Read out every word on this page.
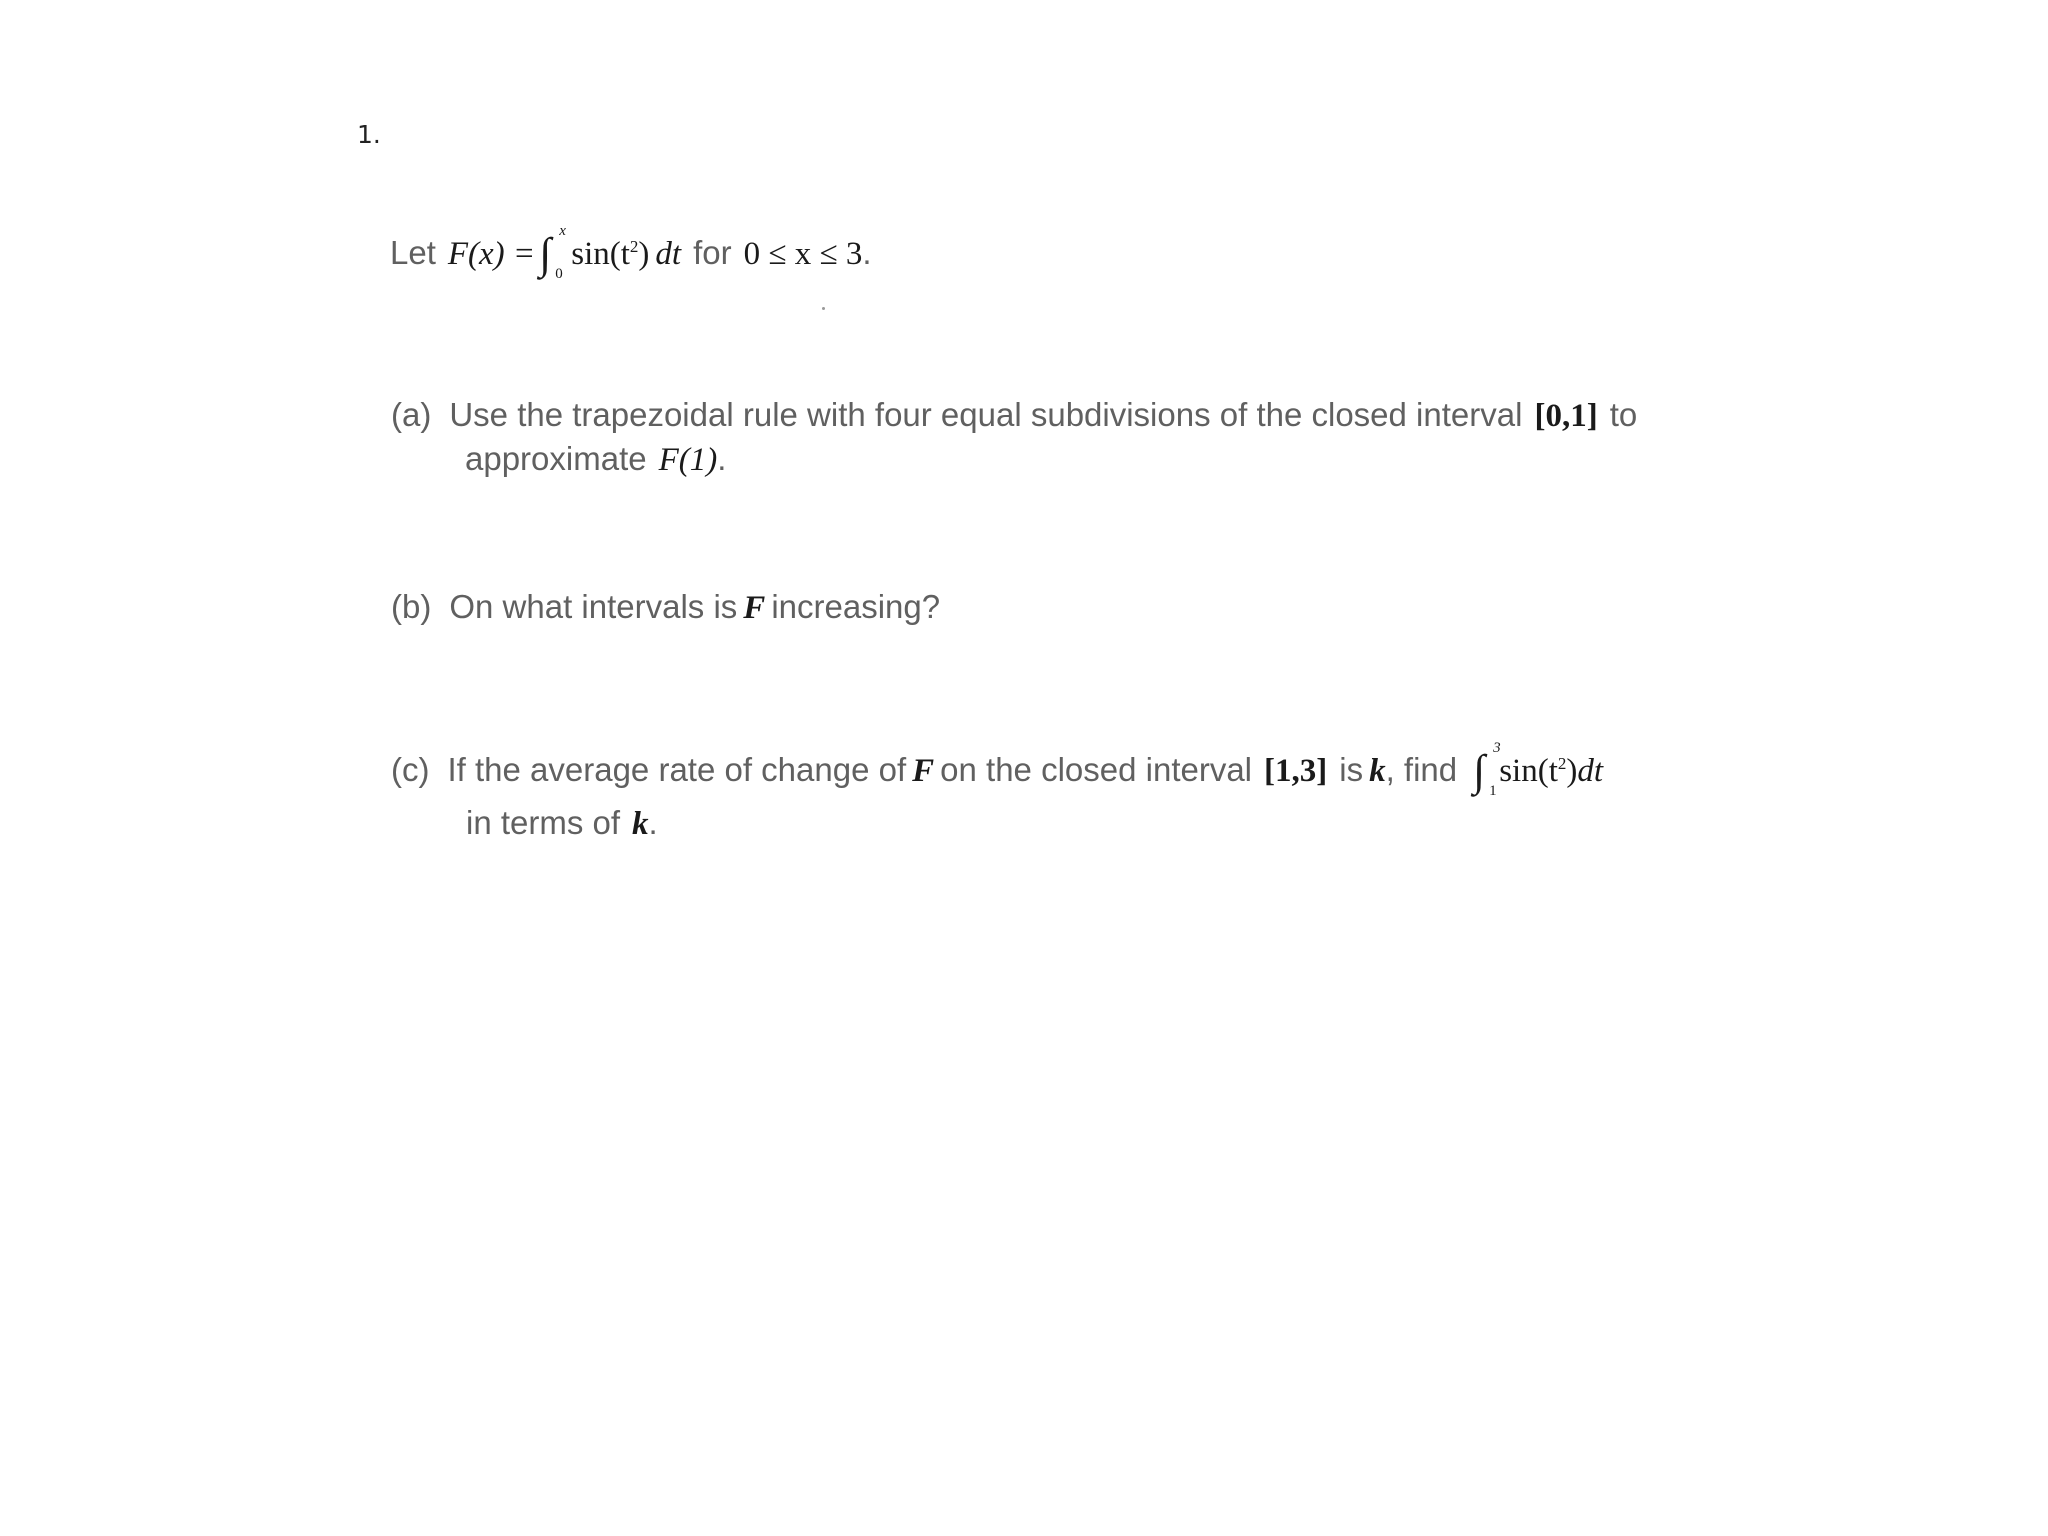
1.
Let F(x) = ∫ x
0
$\sin(t^2)$ dt for 0 ≤ x ≤ 3 .
(a) Use the trapezoidal rule with four equal subdivisions of the closed interval [0,1] to
approximate F(1) .
(b) On what intervals is F increasing?
(c) If the average rate of change of F on the closed interval [1,3] is k , find ∫ 3
1
$\sin(t^2)$ dt
in terms of k .
